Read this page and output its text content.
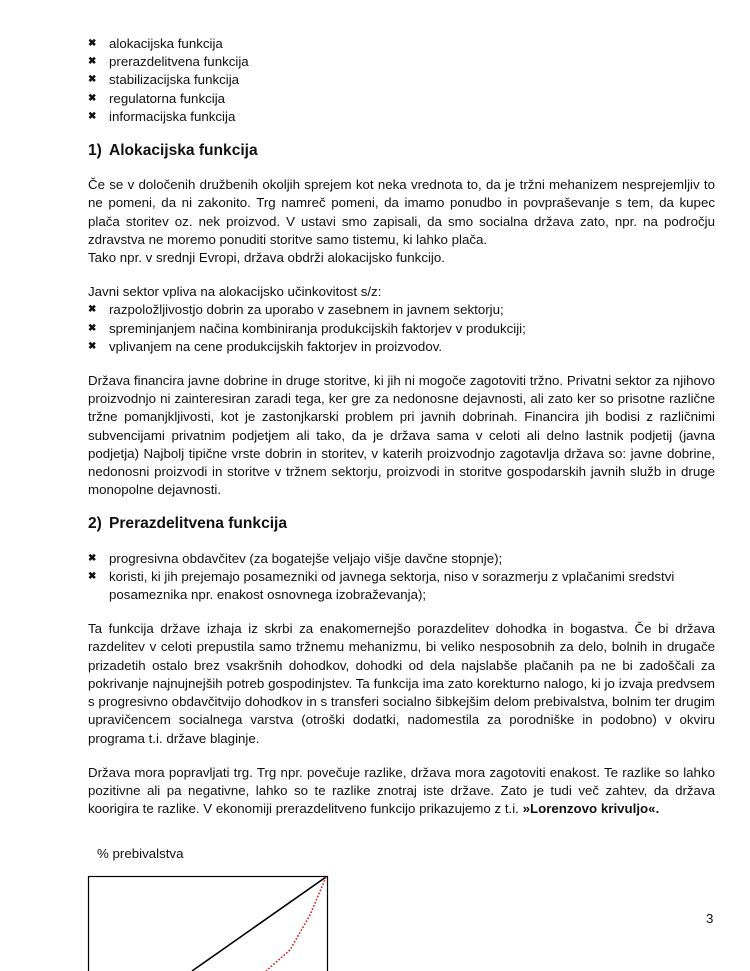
✖ alokacijska funkcija
✖ prerazdelitvena funkcija
✖ stabilizacijska funkcija
✖ regulatorna funkcija
✖ informacijska funkcija
1) Alokacijska funkcija

Če se v določenih družbenih okoljih sprejem kot neka vrednota to, da je tržni mehanizem nesprejemljiv to ne pomeni, da ni zakonito. Trg namreč pomeni, da imamo ponudbo in povpraševanje s tem, da kupec plača storitev oz. nek proizvod. V ustavi smo zapisali, da smo socialna država zato, npr. na področju zdravstva ne moremo ponuditi storitve samo tistemu, ki lahko plača.

Tako npr. v srednji Evropi, država obdrži alokacijsko funkcijo.

Javni sektor vpliva na alokacijsko učinkovitost s/z:

✖ razpoložljivostjo dobrin za uporabo v zasebnem in javnem sektorju;
✖ spreminjanjem načina kombiniranja produkcijskih faktorjev v produkciji;
✖ vplivanjem na cene produkcijskih faktorjev in proizvodov.

Država financira javne dobrine in druge storitve, ki jih ni mogoče zagotoviti tržno. Privatni sektor za njihovo proizvodnjo ni zainteresiran zaradi tega, ker gre za nedonosne dejavnosti, ali zato ker so prisotne različne tržne pomanjkljivosti, kot je zastonjkarski problem pri javnih dobrinah. Financira jih bodisi z različnimi subvencijami privatnim podjetjem ali tako, da je država sama v celoti ali delno lastnik podjetij (javna podjetja) Najbolj tipične vrste dobrin in storitev, v katerih proizvodnjo zagotavlja država so: javne dobrine, nedonosni proizvodi in storitve v tržnem sektorju, proizvodi in storitve gospodarskih javnih služb in druge monopolne dejavnosti.

2) Prerazdelitvena funkcija
✖ progresivna obdavčitev (za bogatejše veljajo višje davčne stopnje);
✖ koristi, ki jih prejemajo posamezniki od javnega sektorja, niso v sorazmerju z vplačanimi sredstvi posameznika npr. enakost osnovnega izobraževanja);

Ta funkcija države izhaja iz skrbi za enakomernejšo porazdelitev dohodka in bogastva. Če bi država razdelitev v celoti prepustila samo tržnemu mehanizmu, bi veliko nesposobnih za delo, bolnih in drugače prizadetih ostalo brez vsakršnih dohodkov, dohodki od dela najslabše plačanih pa ne bi zadoščali za pokrivanje najnujnejših potreb gospodinjstev. Ta funkcija ima zato korekturno nalogo, ki jo izvaja predvsem s progresivno obdavčitvijo dohodkov in s transferi socialno šibkejšim delom prebivalstva, bolnim ter drugim upravičencem socialnega varstva (otroški dodatki, nadomestila za porodniške in podobno) v okviru programa t.i. države blaginje.

Država mora popravljati trg. Trg npr. povečuje razlike, država mora zagotoviti enakost. Te razlike so lahko pozitivne ali pa negativne, lahko so te razlike znotraj iste države. Zato je tudi več zahtev, da država koorigira te razlike. V ekonomiji prerazdelitveno funkcijo prikazujemo z t.i. »Lorenzovo krivuljo«.

% prebivalstva
3
